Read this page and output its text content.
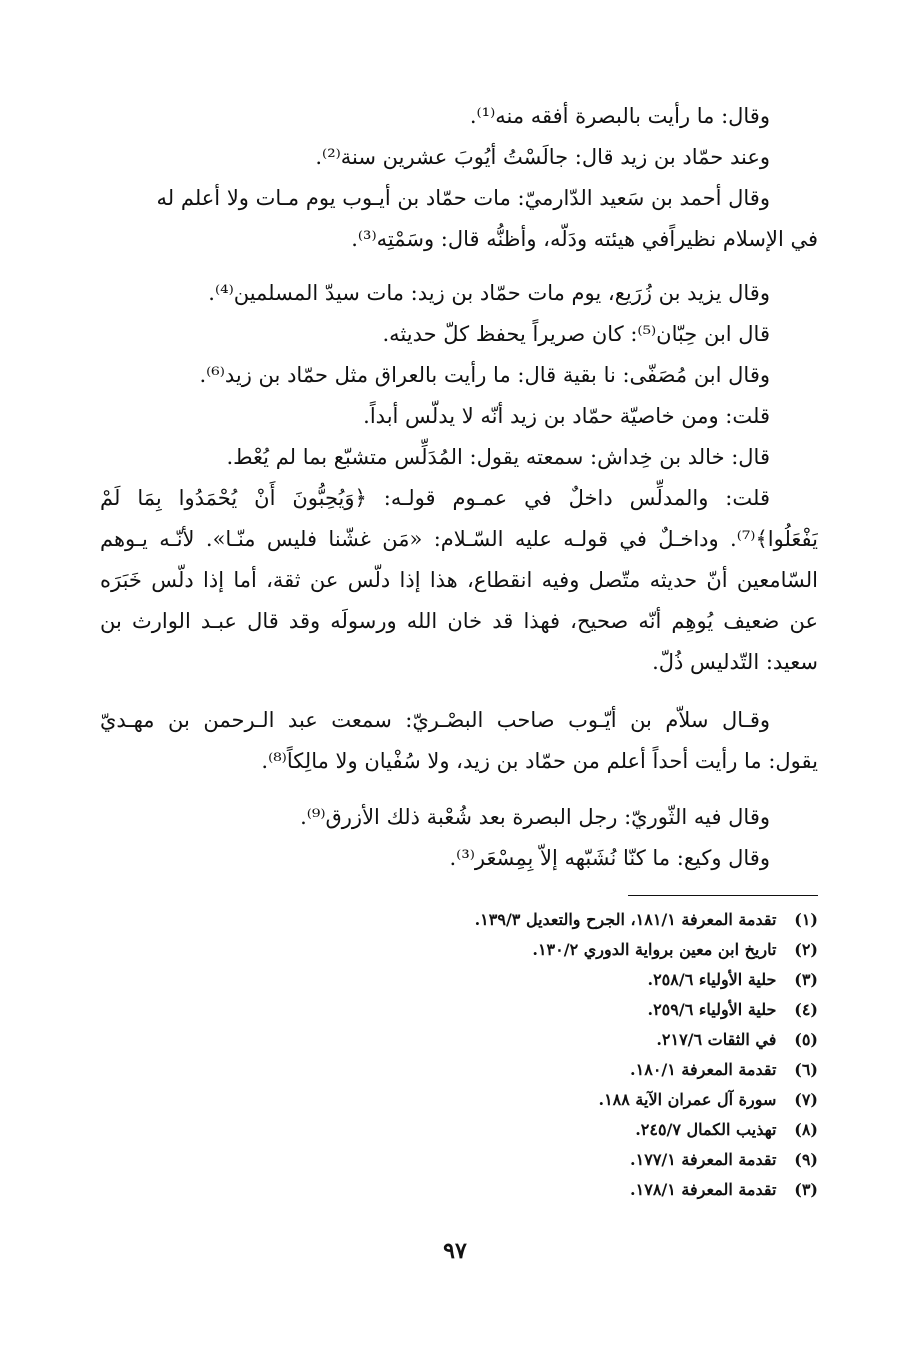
وقال: ما رأيت بالبصرة أفقه منه⁽¹⁾.
وعند حمّاد بن زيد قال: جالَسْتُ أيُوبَ عشرين سنة⁽²⁾.
وقال أحمد بن سَعيد الدّارميّ: مات حمّاد بن أيـوب يوم مـات ولا أعلم له
في الإسلام نظيراًفي هيئته ودَلّه، وأظنُّه قال: وسَمْتِه⁽³⁾.
وقال يزيد بن زُرَيع، يوم مات حمّاد بن زيد: مات سيدّ المسلمين⁽⁴⁾.
قال ابن حِبّان⁽⁵⁾: كان صريراً يحفظ كلّ حديثه.
وقال ابن مُصَفّى: نا بقية قال: ما رأيت بالعراق مثل حمّاد بن زيد⁽⁶⁾.
قلت: ومن خاصيّة حمّاد بن زيد أنّه لا يدلّس أبداً.
قال: خالد بن خِداش: سمعته يقول: المُدَلِّس متشبّع بما لم يُعْط.
قلت: والمدلِّس داخلٌ في عمـوم قولـه: ﴿وَيُحِبُّونَ أَنْ يُحْمَدُوا بِمَا لَمْ
يَفْعَلُوا﴾⁽⁷⁾. وداخـلٌ في قولـه عليه السّـلام: «مَن غشّنا فليس منّـا». لأنّـه يـوهم
السّامعين أنّ حديثه متّصل وفيه انقطاع، هذا إذا دلّس عن ثقة، أما إذا دلّس خَبَرَه
عن ضعيف يُوهِم أنّه صحيح، فهذا قد خان الله ورسولَه وقد قال عبـد الوارث بن
سعيد: التّدليس ذُلّ.
وقـال سلاّم بن أيّـوب صاحب البصْـريّ: سمعت عبد الـرحمن بن مهـديّ
يقول: ما رأيت أحداً أعلم من حمّاد بن زيد، ولا سُفْيان ولا مالِكاً⁽⁸⁾.
وقال فيه الثّوريّ: رجل البصرة بعد شُعْبة ذلك الأزرق⁽⁹⁾.
وقال وكيع: ما كنّا نُشَبّهه إلاّ بِمِسْعَر⁽³⁾.
(١) تقدمة المعرفة ١٨١/١، الجرح والتعديل ١٣٩/٣.
(٢) تاريخ ابن معين برواية الدوري ١٣٠/٢.
(٣) حلية الأولياء ٢٥٨/٦.
(٤) حلية الأولياء ٢٥٩/٦.
(٥) في الثقات ٢١٧/٦.
(٦) تقدمة المعرفة ١٨٠/١.
(٧) سورة آل عمران الآية ١٨٨.
(٨) تهذيب الكمال ٢٤٥/٧.
(٩) تقدمة المعرفة ١٧٧/١.
(٣) تقدمة المعرفة ١٧٨/١.
٩٧
